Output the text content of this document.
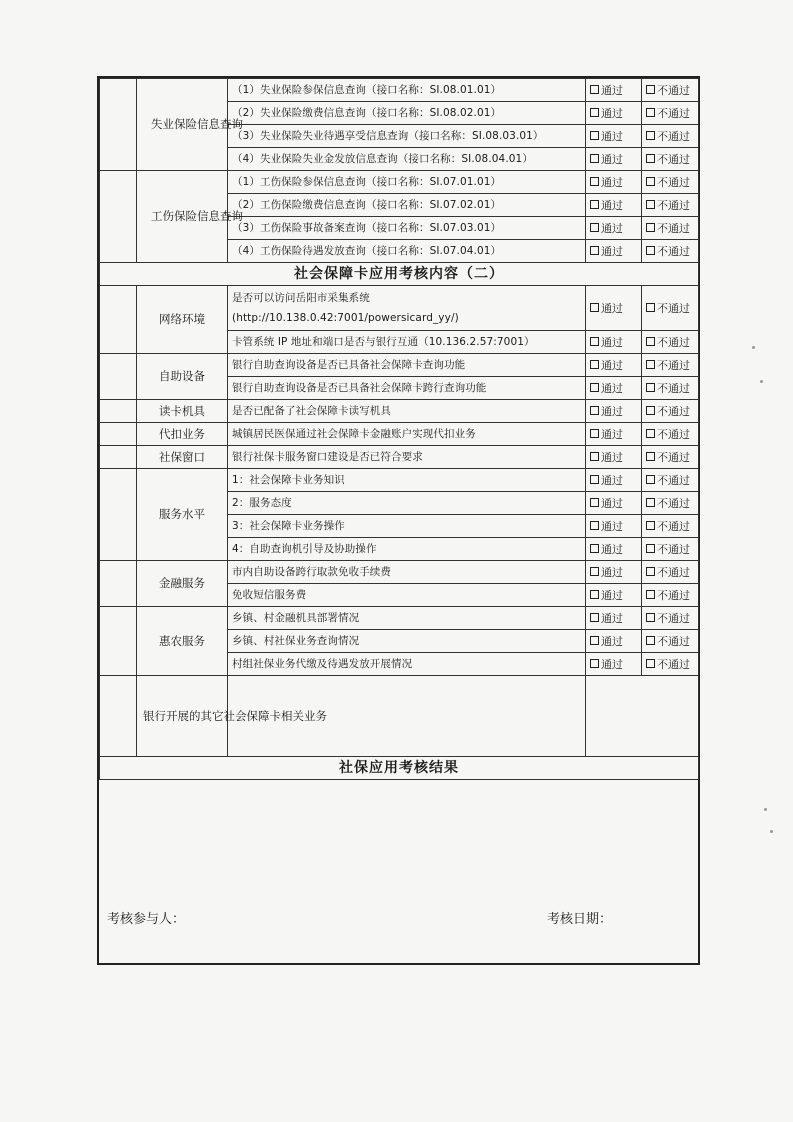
	失业保险信息查询	（1）失业保险参保信息查询（接口名称：SI.08.01.01）	通过	不通过
		（2）失业保险缴费信息查询（接口名称：SI.08.02.01）	通过	不通过
		（3）失业保险失业待遇享受信息查询（接口名称：SI.08.03.01）	通过	不通过
		（4）失业保险失业金发放信息查询（接口名称：SI.08.04.01）	通过	不通过
	工伤保险信息查询	（1）工伤保险参保信息查询（接口名称：SI.07.01.01）	通过	不通过
		（2）工伤保险缴费信息查询（接口名称：SI.07.02.01）	通过	不通过
		（3）工伤保险事故备案查询（接口名称：SI.07.03.01）	通过	不通过
		（4）工伤保险待遇发放查询（接口名称：SI.07.04.01）	通过	不通过
社会保障卡应用考核内容（二）				
	网络环境	是否可以访问岳阳市采集系统 (http://10.138.0.42:7001/powersicard_yy/)	通过	不通过
		卡管系统 IP 地址和端口是否与银行互通（10.136.2.57:7001）	通过	不通过
	自助设备	银行自助查询设备是否已具备社会保障卡查询功能	通过	不通过
		银行自助查询设备是否已具备社会保障卡跨行查询功能	通过	不通过
	读卡机具	是否已配备了社会保障卡读写机具	通过	不通过
	代扣业务	城镇居民医保通过社会保障卡金融账户实现代扣业务	通过	不通过
	社保窗口	银行社保卡服务窗口建设是否已符合要求	通过	不通过
	服务水平	1：社会保障卡业务知识	通过	不通过
		2：服务态度	通过	不通过
		3：社会保障卡业务操作	通过	不通过
		4：自助查询机引导及协助操作	通过	不通过
	金融服务	市内自助设备跨行取款免收手续费	通过	不通过
		免收短信服务费	通过	不通过
	惠农服务	乡镇、村金融机具部署情况	通过	不通过
		乡镇、村社保业务查询情况	通过	不通过
		村组社保业务代缴及待遇发放开展情况	通过	不通过
	银行开展的其它社会保障卡相关业务			
社保应用考核结果				
考核参与人：	考核日期：
